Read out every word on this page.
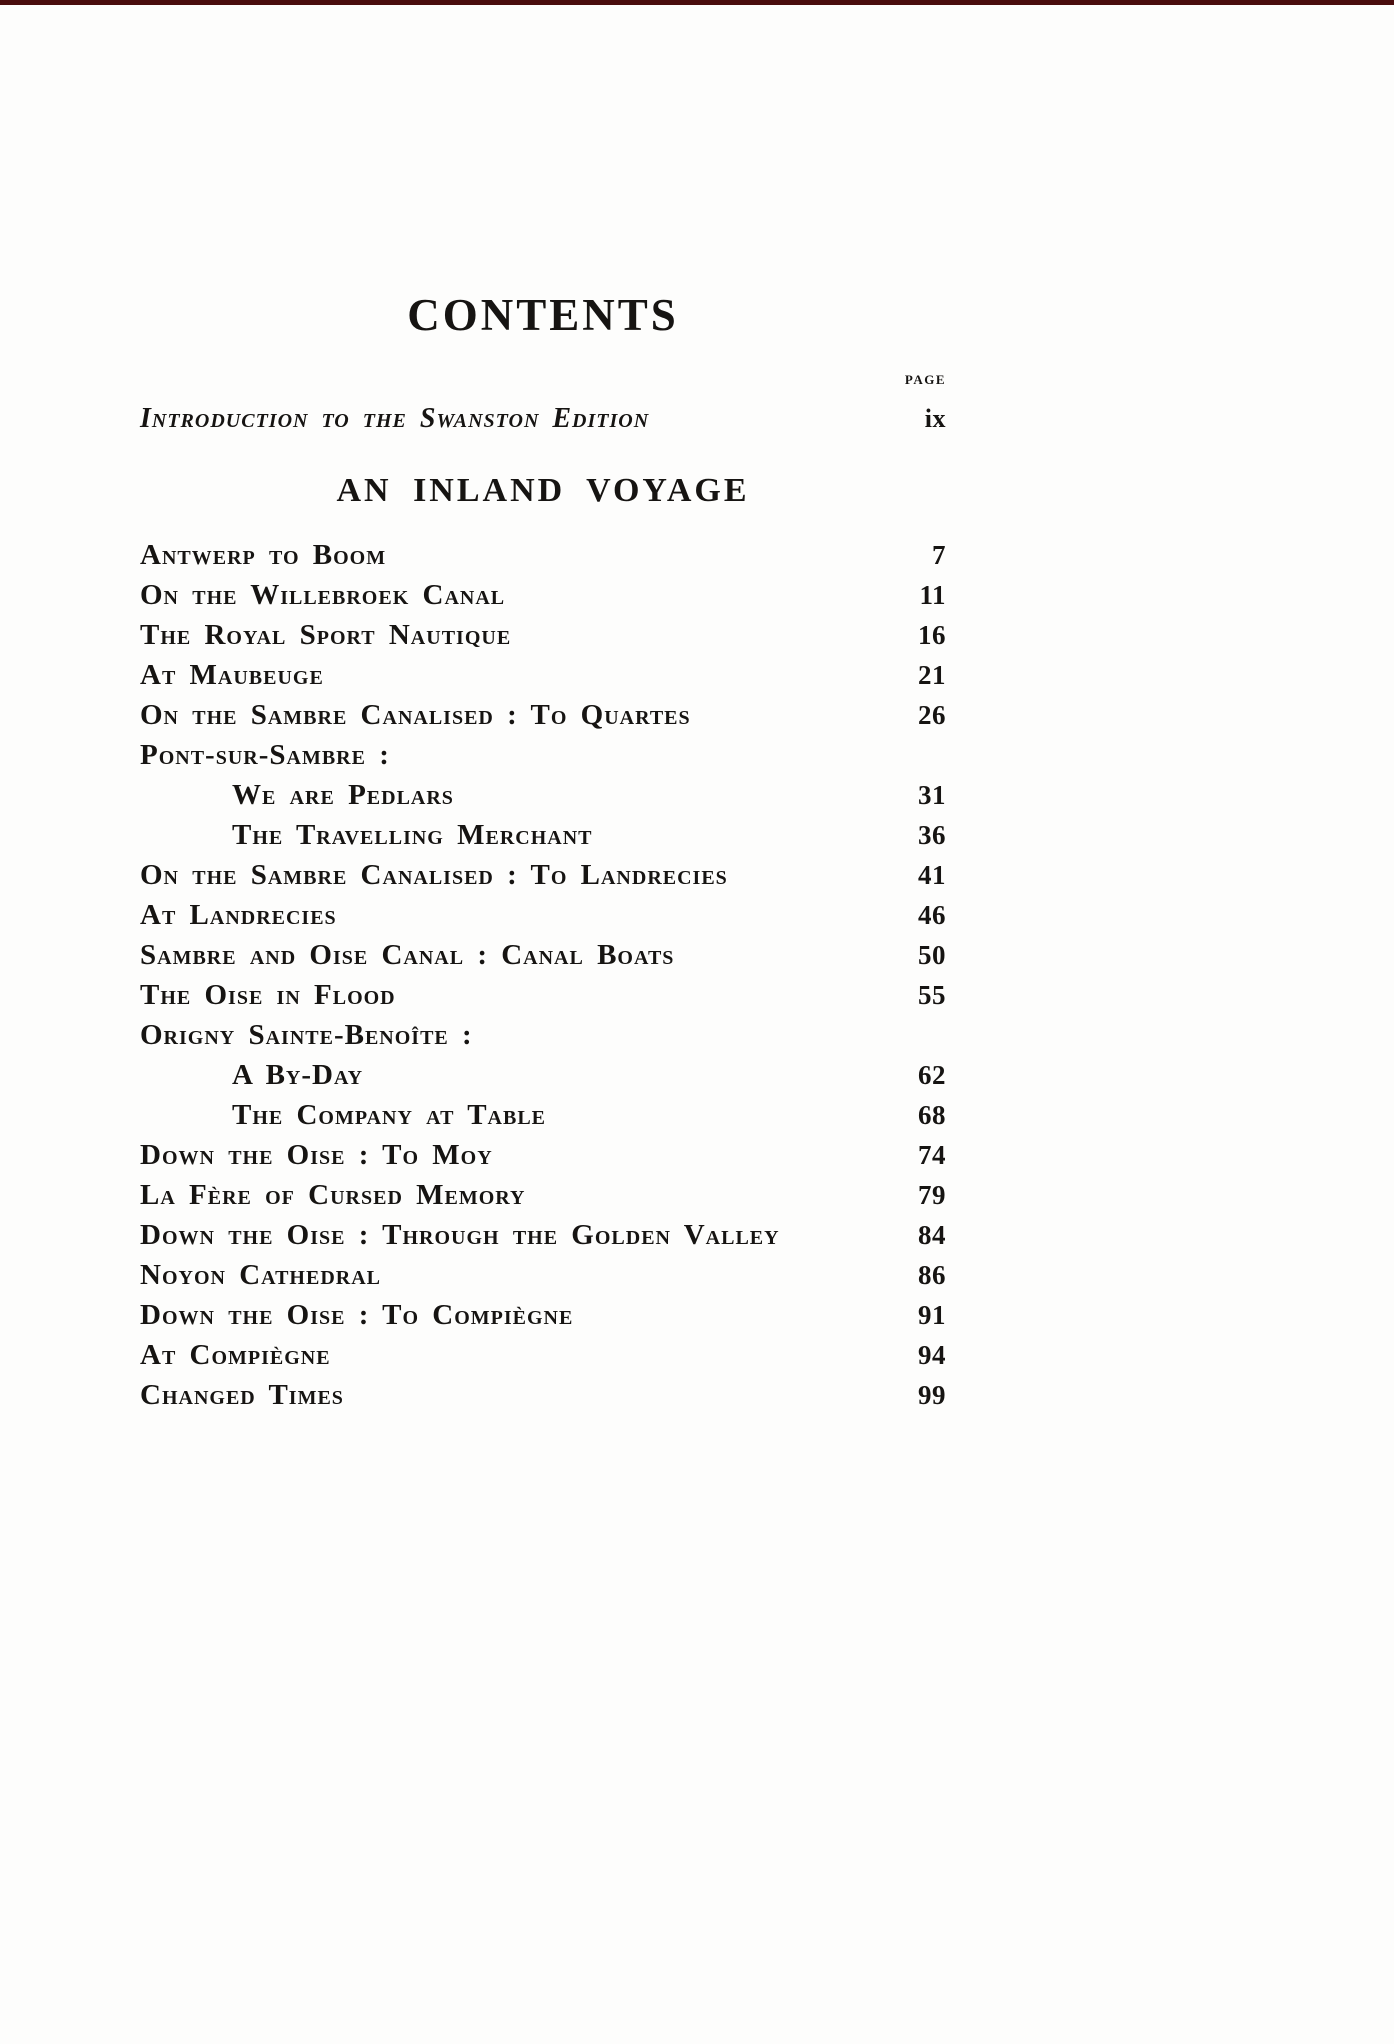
CONTENTS
PAGE
Introduction to the Swanston Edition	ix
AN INLAND VOYAGE
Antwerp to Boom	7
On the Willebroek Canal	11
The Royal Sport Nautique	16
At Maubeuge	21
On the Sambre Canalised : To Quartes	26
Pont-sur-Sambre :
We are Pedlars	31
The Travelling Merchant	36
On the Sambre Canalised : To Landrecies	41
At Landrecies	46
Sambre and Oise Canal : Canal Boats	50
The Oise in Flood	55
Origny Sainte-Benoîte :
A By-Day	62
The Company at Table	68
Down the Oise : To Moy	74
La Fère of Cursed Memory	79
Down the Oise : Through the Golden Valley	84
Noyon Cathedral	86
Down the Oise : To Compiègne	91
At Compiègne	94
Changed Times	99
